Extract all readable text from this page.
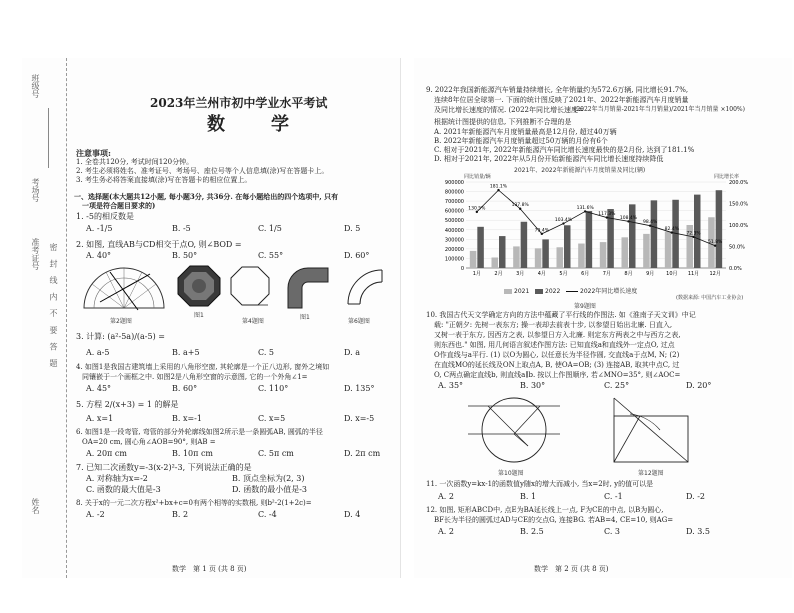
班级号
考场号
准考证号
姓名
密 封 线 内 不 要 答 题
2023年兰州市初中学业水平考试
数　学
注意事项:
1. 全卷共120分, 考试时间120分钟。
2. 考生必须将姓名、准考证号、考场号、座位号等个人信息填(涂)写在答题卡上。
3. 考生务必将答案直接填(涂)写在答题卡的相应位置上。
一、选择题(本大题共12小题, 每小题3分, 共36分. 在每小题给出的四个选项中, 只有
一项是符合题目要求的)
1. -5的相反数是
A. -1/5	B. -5	C. 1/5	D. 5
2. 如图, 直线AB与CD相交于点O, 则∠BOD =
A. 40°	B. 50°	C. 55°	D. 60°
第2题图
图1
第4题图
图1
第6题图
3. 计算: (a²-5a)/(a-5) =
A. a-5	B. a+5	C. 5	D. a
4. 如图1是我国古建筑墙上采用的八角形空窗, 其轮廓是一个正八边形, 窗外之境如
同镶嵌于一个画框之中. 如图2是八角形空窗的示意图, 它的一个外角∠1=
A. 45°	B. 60°	C. 110°	D. 135°
5. 方程 2/(x+3) = 1 的解是
A. x=1	B. x=-1	C. x=5	D. x=-5
6. 如图1是一段弯管, 弯管的部分外轮廓线如图2所示是一条圆弧AB, 圆弧的半径
OA=20 cm, 圆心角∠AOB=90°, 则AB =
A. 20π cm	B. 10π cm	C. 5π cm	D. 2π cm
7. 已知二次函数y=-3(x-2)²-3, 下列说法正确的是
A. 对称轴为x=-2	B. 顶点坐标为(2, 3)
C. 函数的最大值是-3	D. 函数的最小值是-3
8. 关于x的一元二次方程x²+bx+c=0有两个相等的实数根, 则b²-2(1+2c)=
A. -2	B. 2	C. -4	D. 4
数学　第 1 页 (共 8 页)
9. 2022年我国新能源汽车销量持续增长, 全年销量约为572.6万辆, 同比增长91.7%,
连续8年位居全球第一. 下面的统计图反映了2021年、2022年新能源汽车月度销量
及同比增长速度的情况. (2022年同比增长速度=
(2022年当月销量-2021年当月销量)/2021年当月销量 ×100%)
根据统计图提供的信息, 下列推断不合理的是
A. 2021年新能源汽车月度销量最高是12月份, 超过40万辆
B. 2022年新能源汽车月度销量超过50万辆的月份有6个
C. 相对于2021年, 2022年新能源汽车同比增长速度最快的是2月份, 达到了181.1%
D. 相对于2021年, 2022年从5月份开始新能源汽车同比增长速度持续降低
2021年、2022年新能源汽车月度销量及同比(辆)
同比销量/辆	同比增长率
900000
800000
700000
600000
500000
400000
300000
200000
100000
0
200.0%
150.0%
100.0%
50.0%
0.0%
1月	2月	3月	4月	5月	6月	7月	8月	9月 10月 11月 12月
130.5%
181.1%
137.8%
79.4%
103.4%
131.6%
117.3%
108.4%
98.4%
82.4%
72.3%
51.8%
2021	2022	2022年同比增长速度
(数据来源: 中国汽车工业协会)
第9题图
10. 我国古代天文学确定方向的方法中蕴藏了平行线的作图法. 如《淮南子天文训》中记
载: "正朝夕: 先树一表东方; 操一表却去前表十步, 以参望日始出北廉. 日直入,
又树一表于东方, 因西方之表, 以参望日方入北廉. 则定东方两表之中与西方之表,
则东西也." 如图, 用几何语言叙述作图方法: 已知直线a和直线外一定点O, 过点
O作直线与a平行. (1) 以O为圆心, 以任意长为半径作圆, 交直线a于点M, N; (2)
在直线MO的延长线及ON上取点A, B, 使OA=OB; (3) 连接AB, 取其中点C, 过
O, C两点确定直线b, 则直线a∥b. 按以上作图顺序, 若∠MNO=35°, 则∠AOC=
A. 35°	B. 30°	C. 25°	D. 20°
第10题图	第12题图
11. 一次函数y=kx-1的函数值y随x的增大而减小, 当x=2时, y的值可以是
A. 2	B. 1	C. -1	D. -2
12. 如图, 矩形ABCD中, 点E为BA延长线上一点, F为CE的中点, 以B为圆心,
BF长为半径的圆弧过AD与CE的交点G, 连接BG. 若AB=4, CE=10, 则AG=
A. 2	B. 2.5	C. 3	D. 3.5
数学　第 2 页 (共 8 页)
